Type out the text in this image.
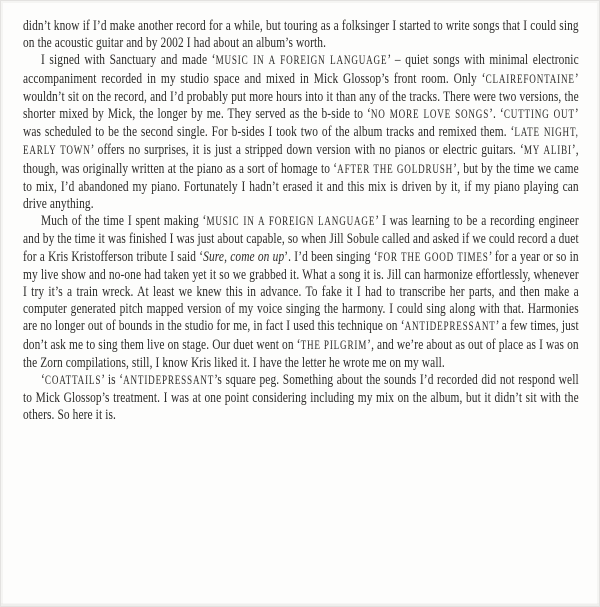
didn’t know if I’d make another record for a while, but touring as a folksinger I started to write songs that I could sing on the acoustic guitar and by 2002 I had about an album’s worth.

I signed with Sanctuary and made ‘MUSIC IN A FOREIGN LANGUAGE’ – quiet songs with minimal electronic accompaniment recorded in my studio space and mixed in Mick Glossop’s front room. Only ‘CLAIREFONTAINE’ wouldn’t sit on the record, and I’d probably put more hours into it than any of the tracks. There were two versions, the shorter mixed by Mick, the longer by me. They served as the b-side to ‘NO MORE LOVE SONGS’. ‘CUTTING OUT’ was scheduled to be the second single. For b-sides I took two of the album tracks and remixed them. ‘LATE NIGHT, EARLY TOWN’ offers no surprises, it is just a stripped down version with no pianos or electric guitars. ‘MY ALIBI’, though, was originally written at the piano as a sort of homage to ‘AFTER THE GOLDRUSH’, but by the time we came to mix, I’d abandoned my piano. Fortunately I hadn’t erased it and this mix is driven by it, if my piano playing can drive anything.

Much of the time I spent making ‘MUSIC IN A FOREIGN LANGUAGE’ I was learning to be a recording engineer and by the time it was finished I was just about capable, so when Jill Sobule called and asked if we could record a duet for a Kris Kristofferson tribute I said ‘Sure, come on up’. I’d been singing ‘FOR THE GOOD TIMES’ for a year or so in my live show and no-one had taken yet it so we grabbed it. What a song it is. Jill can harmonize effortlessly, whenever I try it’s a train wreck. At least we knew this in advance. To fake it I had to transcribe her parts, and then make a computer generated pitch mapped version of my voice singing the harmony. I could sing along with that. Harmonies are no longer out of bounds in the studio for me, in fact I used this technique on ‘ANTIDEPRESSANT’ a few times, just don’t ask me to sing them live on stage. Our duet went on ‘THE PILGRIM’, and we’re about as out of place as I was on the Zorn compilations, still, I know Kris liked it. I have the letter he wrote me on my wall.

‘COATTAILS’ is ‘ANTIDEPRESSANT’s square peg. Something about the sounds I’d recorded did not respond well to Mick Glossop’s treatment. I was at one point considering including my mix on the album, but it didn’t sit with the others. So here it is.
